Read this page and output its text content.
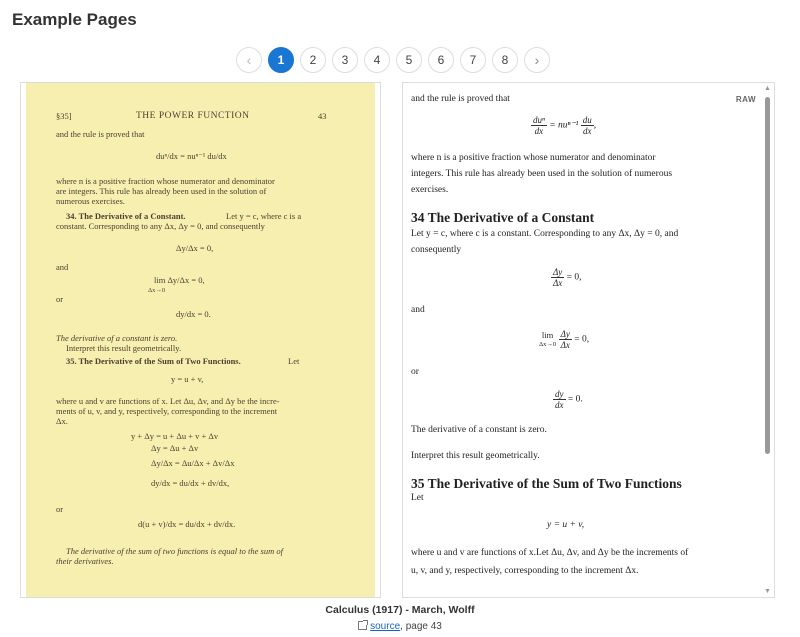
Example Pages
‹	1	2	3	4	5	6	7	8	›
§35]	THE POWER FUNCTION	43
and the rule is proved that
duⁿ/dx = nuⁿ⁻¹ du/dx
where n is a positive fraction whose numerator and denominator
are integers. This rule has already been used in the solution of
numerous exercises.
34. The Derivative of a Constant.	Let y = c, where c is a
constant. Corresponding to any Δx, Δy = 0, and consequently
Δy/Δx = 0,
and
lim Δy/Δx = 0,
Δx→0
or
dy/dx = 0.
The derivative of a constant is zero.
Interpret this result geometrically.
35. The Derivative of the Sum of Two Functions.	Let
y = u + v,
where u and v are functions of x. Let Δu, Δv, and Δy be the incre-
ments of u, v, and y, respectively, corresponding to the increment
Δx.
y + Δy = u + Δu + v + Δv
Δy = Δu + Δv
Δy/Δx = Δu/Δx + Δv/Δx
dy/dx = du/dx + dv/dx,
or
d(u + v)/dx = du/dx + dv/dx.
The derivative of the sum of two functions is equal to the sum of
their derivatives.
RAW
and the rule is proved that
$\frac{\text{duⁿ}}{dx} = nu^{n-1} \frac{du}{dx}$ ,
where n is a positive fraction whose numerator and denominator
integers. This rule has already been used in the solution of numerous
exercises.
34 The Derivative of a Constant
Let y = c, where c is a constant. Corresponding to any Δx, Δy = 0, and
consequently
$\frac{\Delta y}{\Delta x} = 0$,
and
lim
Δx→0
$\frac{\Delta y}{\Delta x} = 0$,
or
$\frac{dy}{dx} = 0$.
The derivative of a constant is zero.
Interpret this result geometrically.
35 The Derivative of the Sum of Two Functions
Let
y = u + v,
where u and v are functions of x.Let Δu, Δv, and Δy be the increments of
u, v, and y, respectively, corresponding to the increment Δx.
▲
▼
Calculus (1917) - March, Wolff
source, page 43
